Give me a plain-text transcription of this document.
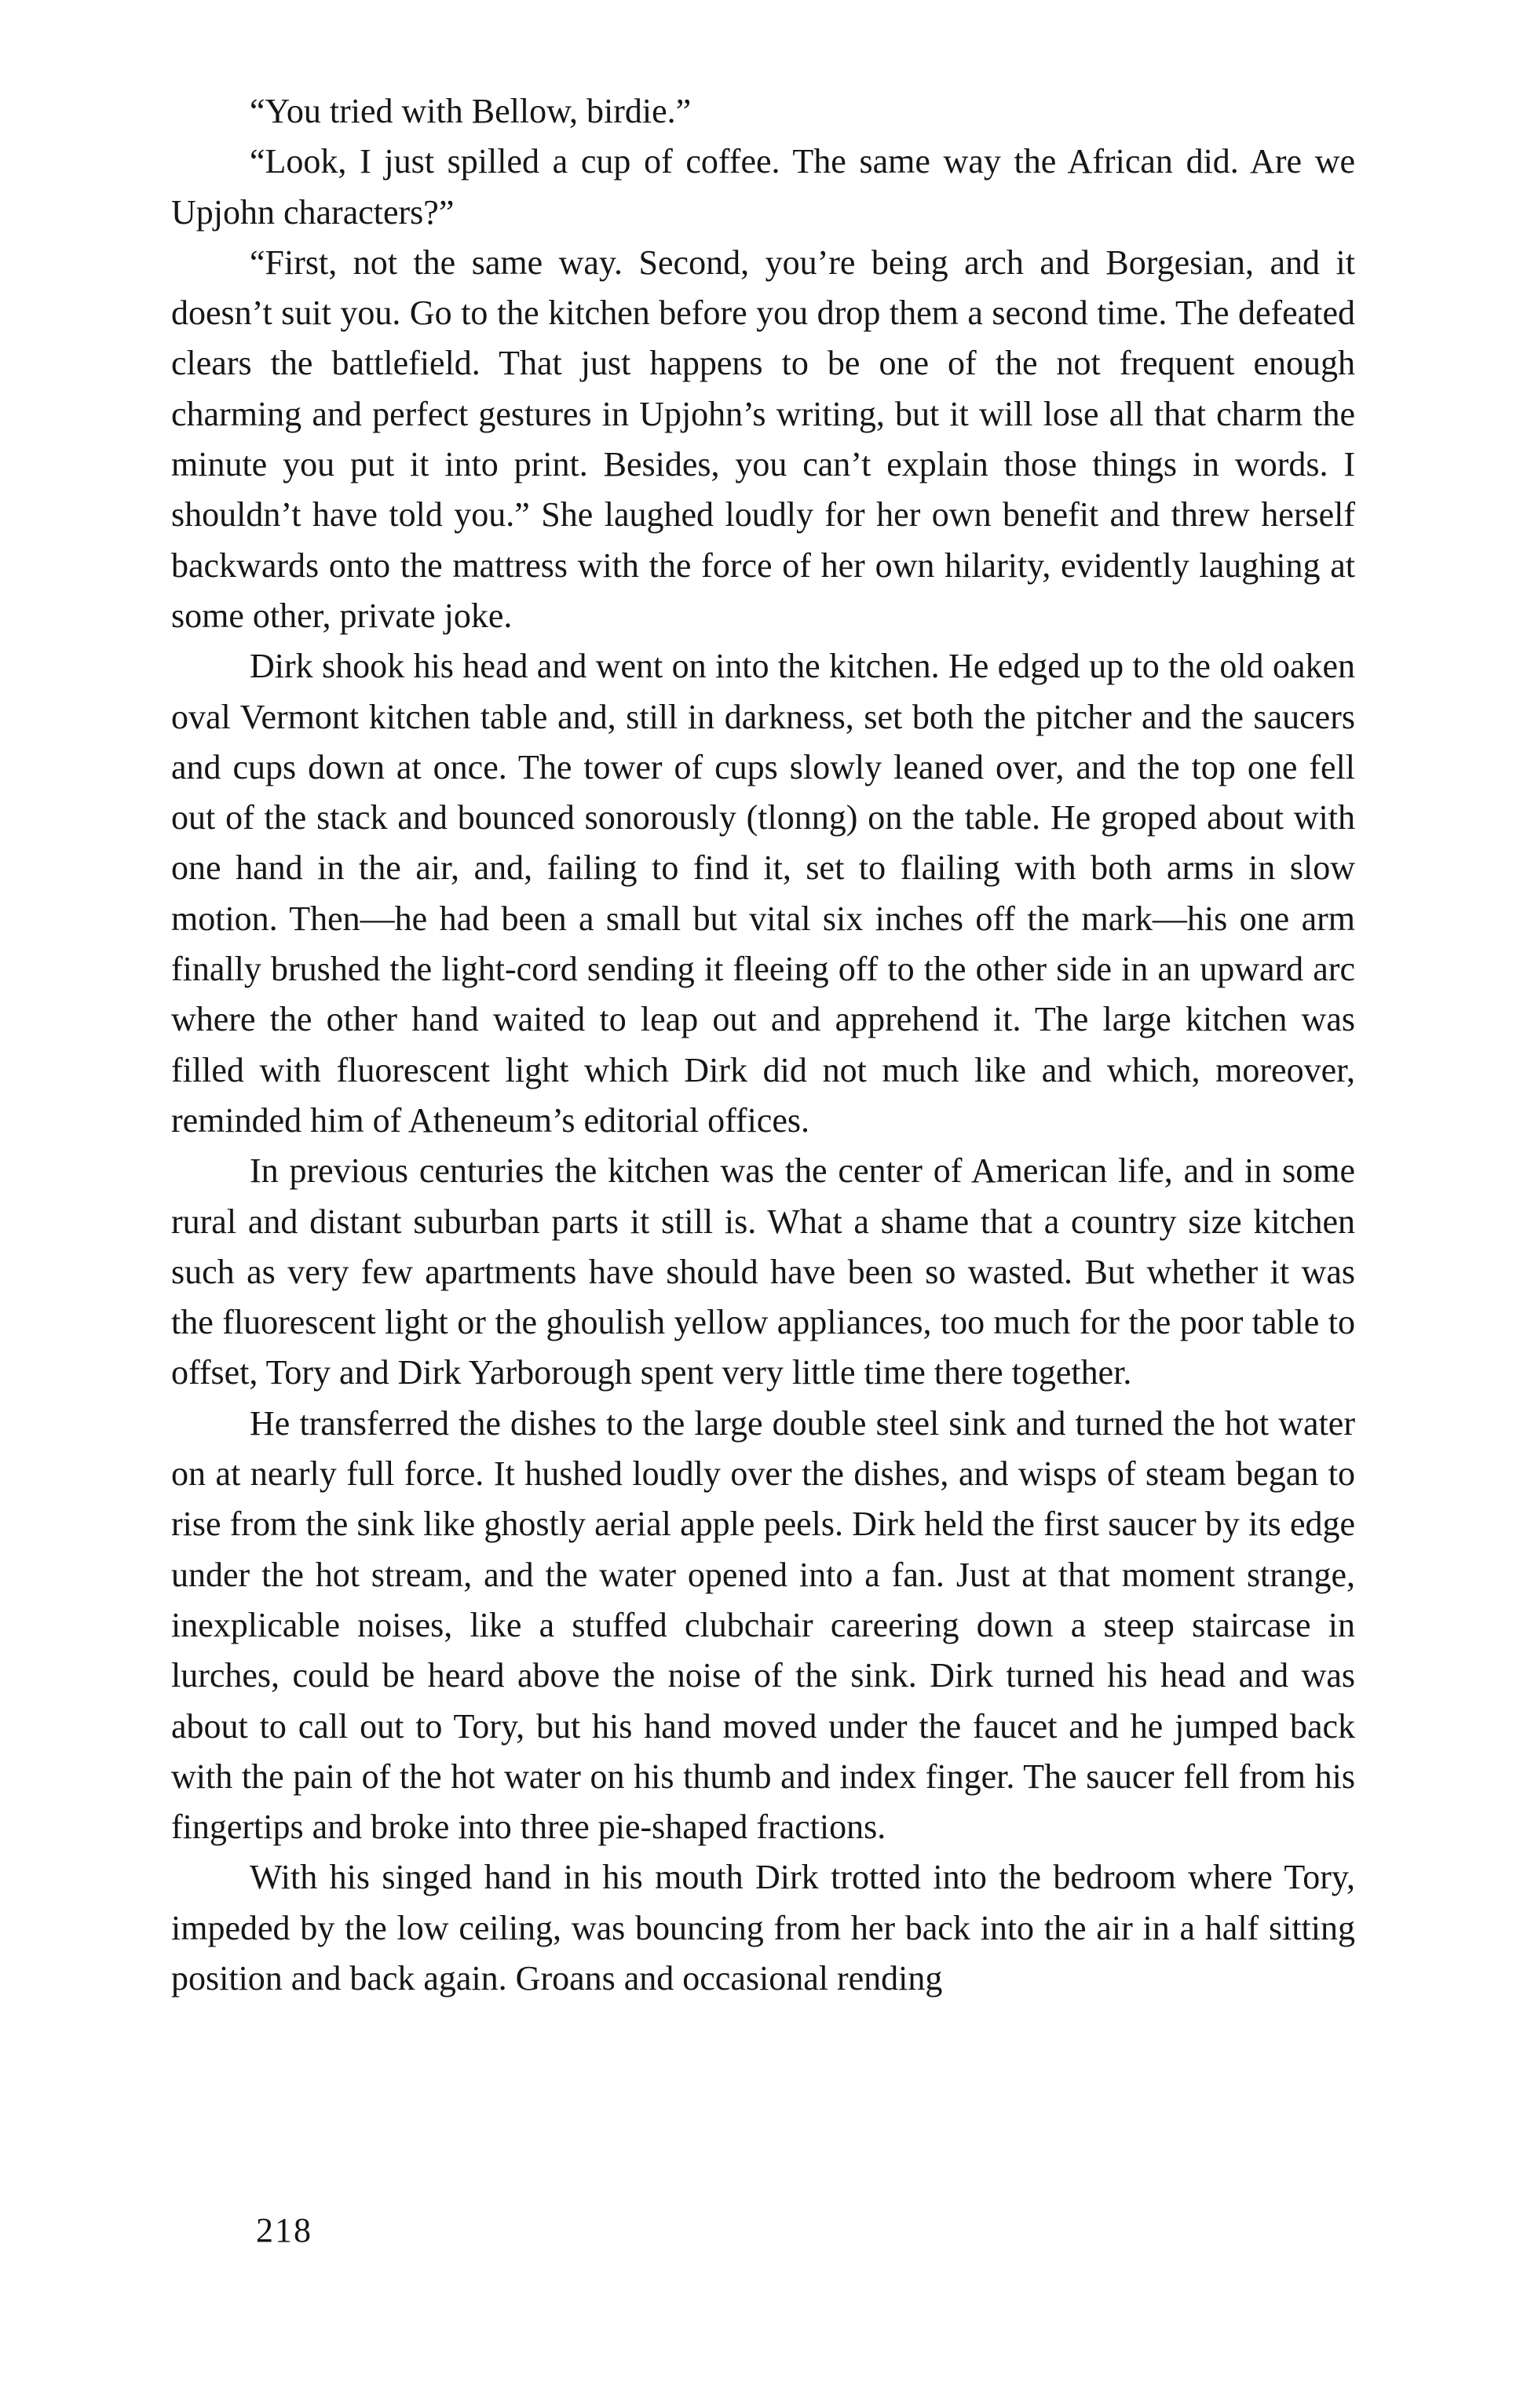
“You tried with Bellow, birdie.”

“Look, I just spilled a cup of coffee. The same way the African did. Are we Upjohn characters?”

“First, not the same way. Second, you’re being arch and Borgesian, and it doesn’t suit you. Go to the kitchen before you drop them a second time. The defeated clears the battlefield. That just happens to be one of the not frequent enough charming and perfect gestures in Upjohn’s writing, but it will lose all that charm the minute you put it into print. Besides, you can’t explain those things in words. I shouldn’t have told you.” She laughed loudly for her own benefit and threw herself backwards onto the mattress with the force of her own hilarity, evidently laughing at some other, private joke.

Dirk shook his head and went on into the kitchen. He edged up to the old oaken oval Vermont kitchen table and, still in darkness, set both the pitcher and the saucers and cups down at once. The tower of cups slowly leaned over, and the top one fell out of the stack and bounced sonorously (tlonng) on the table. He groped about with one hand in the air, and, failing to find it, set to flailing with both arms in slow motion. Then—he had been a small but vital six inches off the mark—his one arm finally brushed the light-cord sending it fleeing off to the other side in an upward arc where the other hand waited to leap out and apprehend it. The large kitchen was filled with fluorescent light which Dirk did not much like and which, moreover, reminded him of Atheneum’s editorial offices.

In previous centuries the kitchen was the center of American life, and in some rural and distant suburban parts it still is. What a shame that a country size kitchen such as very few apartments have should have been so wasted. But whether it was the fluorescent light or the ghoulish yellow appliances, too much for the poor table to offset, Tory and Dirk Yarborough spent very little time there together.

He transferred the dishes to the large double steel sink and turned the hot water on at nearly full force. It hushed loudly over the dishes, and wisps of steam began to rise from the sink like ghostly aerial apple peels. Dirk held the first saucer by its edge under the hot stream, and the water opened into a fan. Just at that moment strange, inexplicable noises, like a stuffed clubchair careering down a steep staircase in lurches, could be heard above the noise of the sink. Dirk turned his head and was about to call out to Tory, but his hand moved under the faucet and he jumped back with the pain of the hot water on his thumb and index finger. The saucer fell from his fingertips and broke into three pie-shaped fractions.

With his singed hand in his mouth Dirk trotted into the bedroom where Tory, impeded by the low ceiling, was bouncing from her back into the air in a half sitting position and back again. Groans and occasional rending

218
